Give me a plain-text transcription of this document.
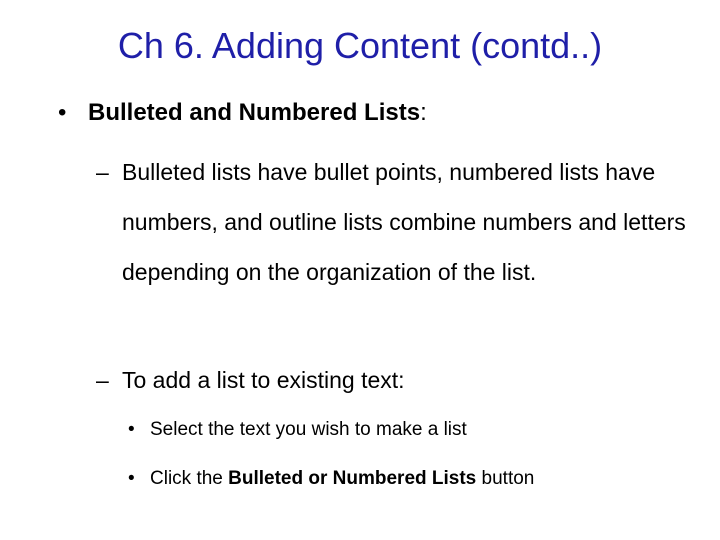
Ch 6. Adding Content (contd..)
• Bulleted and Numbered Lists:
– Bulleted lists have bullet points, numbered lists have numbers, and outline lists combine numbers and letters depending on the organization of the list.
– To add a list to existing text:
• Select the text you wish to make a list
• Click the Bulleted or Numbered Lists button
